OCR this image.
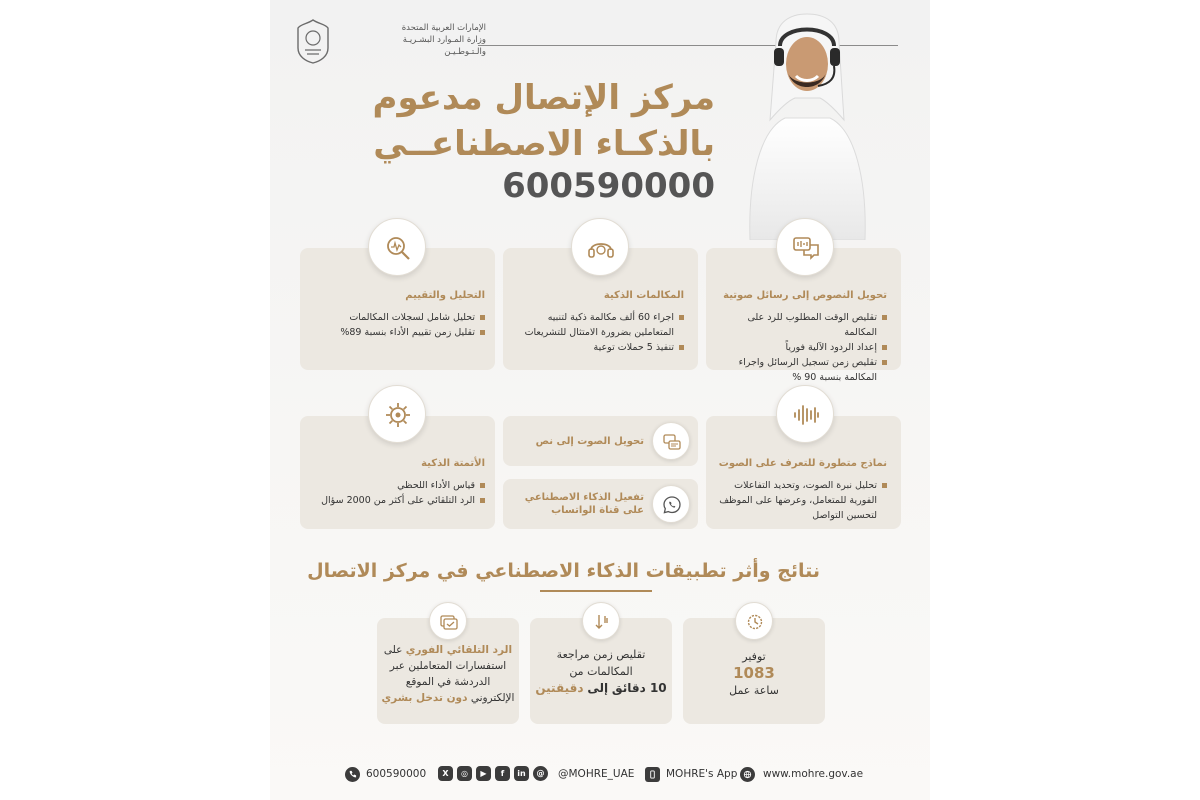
الإمارات العربية المتحدة
وزارة المـوارد البشـريـة
والـتـوطـيـن
مركز الإتصال مدعوم
بالذكـاء الاصطناعــي
600590000
تحويل النصوص إلى رسائل صوتية
تقليص الوقت المطلوب للرد على المكالمة
إعداد الردود الآلية فورياً
تقليص زمن تسجيل الرسائل واجراء المكالمة بنسبة 90 %
المكالمات الذكية
اجراء 60 ألف مكالمة ذكية لتنبيه المتعاملين بضرورة الامتثال للتشريعات
تنفيذ 5 حملات توعية
التحليل والتقييم
تحليل شامل لسجلات المكالمات
تقليل زمن تقييم الأداء بنسبة 89%
نماذج متطورة للتعرف على الصوت
تحليل نبرة الصوت، وتحديد التفاعلات الفورية للمتعامل، وعرضها على الموظف لتحسين التواصل
تحويل الصوت إلى نص
تفعيل الذكاء الاصطناعي
على قناة الواتساب
الأتمتة الذكية
قياس الأداء اللحظي
الرد التلقائي على أكثر من 2000 سؤال
نتائج وأثر تطبيقات الذكاء الاصطناعي في مركز الاتصال
توفير
1083
ساعة عمل
تقليص زمن مراجعة
المكالمات من
10 دقائق إلى دقيقتين
الرد التلقائي الفوري على
استفسارات المتعاملين عبر
الدردشة في الموقع
الإلكتروني دون تدخل بشري
600590000	X	◎	▶	f	in	@	@MOHRE_UAE	MOHRE's App www.mohre.gov.ae
